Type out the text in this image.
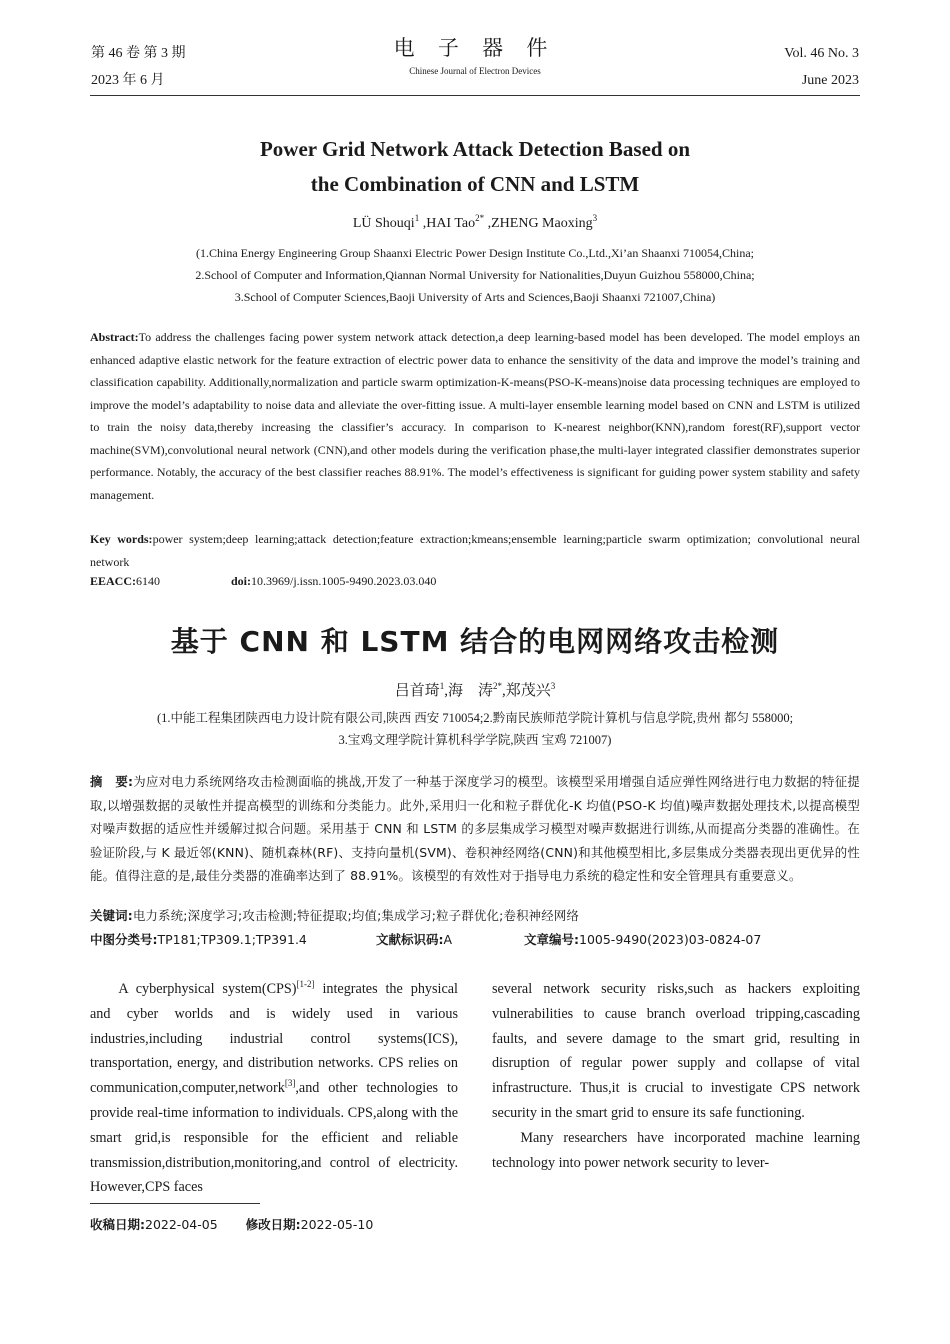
第 46 卷 第 3 期
2023 年 6 月
电 子 器 件
Chinese Journal of Electron Devices
Vol. 46 No. 3
June 2023
Power Grid Network Attack Detection Based on
the Combination of CNN and LSTM
LÜ Shouqi$^1$ ,HAI Tao$^{2*}$ ,ZHENG Maoxing$^3$
(1.China Energy Engineering Group Shaanxi Electric Power Design Institute Co.,Ltd.,Xi’an Shaanxi 710054,China;
2.School of Computer and Information,Qiannan Normal University for Nationalities,Duyun Guizhou 558000,China;
3.School of Computer Sciences,Baoji University of Arts and Sciences,Baoji Shaanxi 721007,China)
Abstract:To address the challenges facing power system network attack detection,a deep learning-based model has been developed. The model employs an enhanced adaptive elastic network for the feature extraction of electric power data to enhance the sensitivity of the data and improve the model’s training and classification capability. Additionally,normalization and particle swarm optimization-K-means(PSO-K-means)noise data processing techniques are employed to improve the model’s adaptability to noise data and alleviate the over-fitting issue. A multi-layer ensemble learning model based on CNN and LSTM is utilized to train the noisy data,thereby increasing the classifier’s accuracy. In comparison to K-nearest neighbor(KNN),random forest(RF),support vector machine(SVM),convolutional neural network (CNN),and other models during the verification phase,the multi-layer integrated classifier demonstrates superior performance. Notably, the accuracy of the best classifier reaches 88.91%. The model’s effectiveness is significant for guiding power system stability and safety management.
Key words:power system;deep learning;attack detection;feature extraction;kmeans;ensemble learning;particle swarm optimization; convolutional neural network
EEACC:6140	doi:10.3969/j.issn.1005-9490.2023.03.040
基于 CNN 和 LSTM 结合的电网网络攻击检测
吕首琦$^1$,海　涛$^{2*}$,郑茂兴$^3$
(1.中能工程集团陕西电力设计院有限公司,陕西 西安 710054;2.黔南民族师范学院计算机与信息学院,贵州 都匀 558000;
3.宝鸡文理学院计算机科学学院,陕西 宝鸡 721007)
摘　要:为应对电力系统网络攻击检测面临的挑战,开发了一种基于深度学习的模型。该模型采用增强自适应弹性网络进行电力数据的特征提取,以增强数据的灵敏性并提高模型的训练和分类能力。此外,采用归一化和粒子群优化-K 均值(PSO-K 均值)噪声数据处理技术,以提高模型对噪声数据的适应性并缓解过拟合问题。采用基于 CNN 和 LSTM 的多层集成学习模型对噪声数据进行训练,从而提高分类器的准确性。在验证阶段,与 K 最近邻(KNN)、随机森林(RF)、支持向量机(SVM)、卷积神经网络(CNN)和其他模型相比,多层集成分类器表现出更优异的性能。值得注意的是,最佳分类器的准确率达到了 88.91%。该模型的有效性对于指导电力系统的稳定性和安全管理具有重要意义。
关键词:电力系统;深度学习;攻击检测;特征提取;均值;集成学习;粒子群优化;卷积神经网络
中图分类号:TP181;TP309.1;TP391.4	文献标识码:A	文章编号:1005-9490(2023)03-0824-07

A cyberphysical system(CPS)[1-2] integrates the physical and cyber worlds and is widely used in various industries,including industrial control systems(ICS), transportation, energy, and distribution networks. CPS relies on communication,computer,network[3],and other technologies to provide real-time information to individuals. CPS,along with the smart grid,is responsible for the efficient and reliable transmission,distribution,monitoring,and control of electricity. However,CPS faces

several network security risks,such as hackers exploiting vulnerabilities to cause branch overload tripping,cascading faults, and severe damage to the smart grid, resulting in disruption of regular power supply and collapse of vital infrastructure. Thus,it is crucial to investigate CPS network security in the smart grid to ensure its safe functioning.

Many researchers have incorporated machine learning technology into power network security to lever-

收稿日期:2022-04-05 修改日期:2022-05-10
